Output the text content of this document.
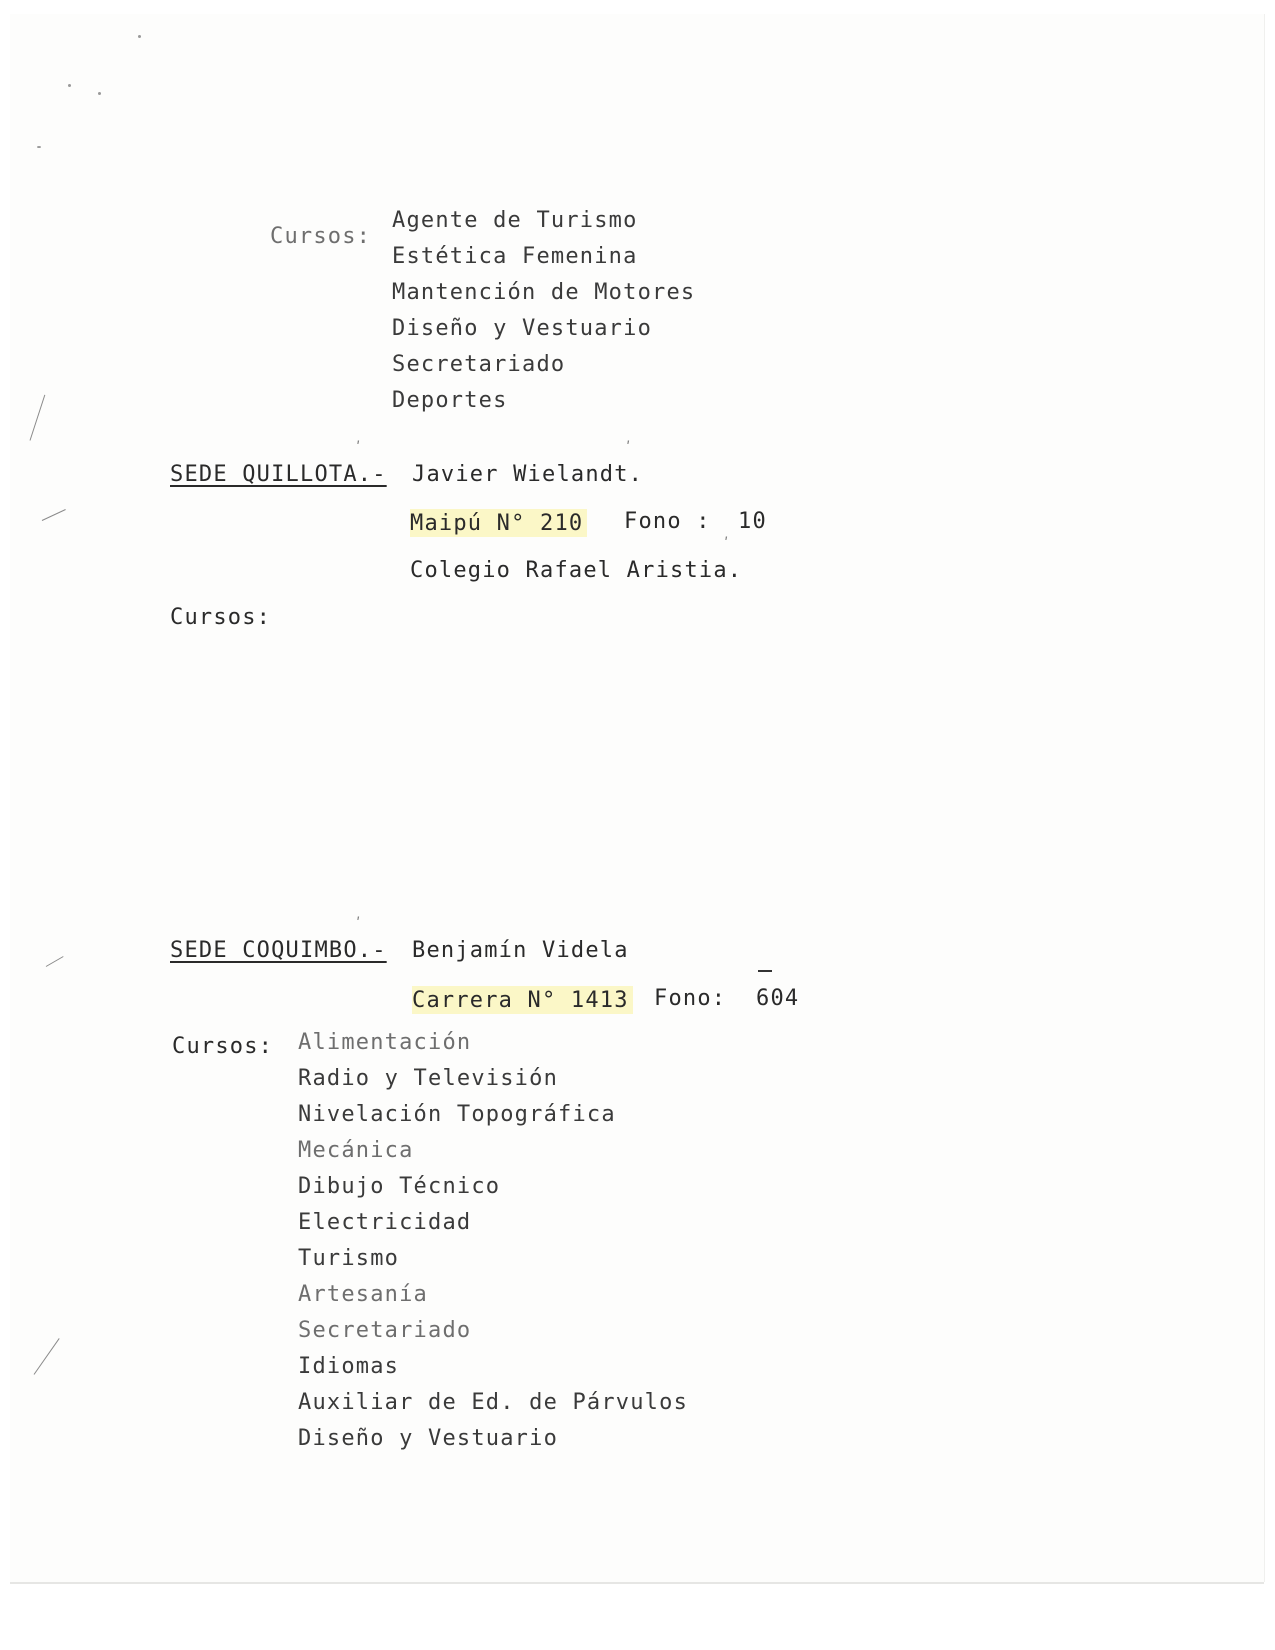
Cursos:
Agente de Turismo
Estética Femenina
Mantención de Motores
Diseño y Vestuario
Secretariado
Deportes
ʹ	ʹ
SEDE QUILLOTA.- Javier Wielandt.
Maipú N° 210 Fono : 10
ʹ
Colegio Rafael Aristia.
Cursos:
ʹ
SEDE COQUIMBO.- Benjamín Videla
Carrera N° 1413 Fono: 604
Cursos: Alimentación
Radio y Televisión
Nivelación Topográfica
Mecánica
Dibujo Técnico
Electricidad
Turismo
Artesanía
Secretariado
Idiomas
Auxiliar de Ed. de Párvulos
Diseño y Vestuario
